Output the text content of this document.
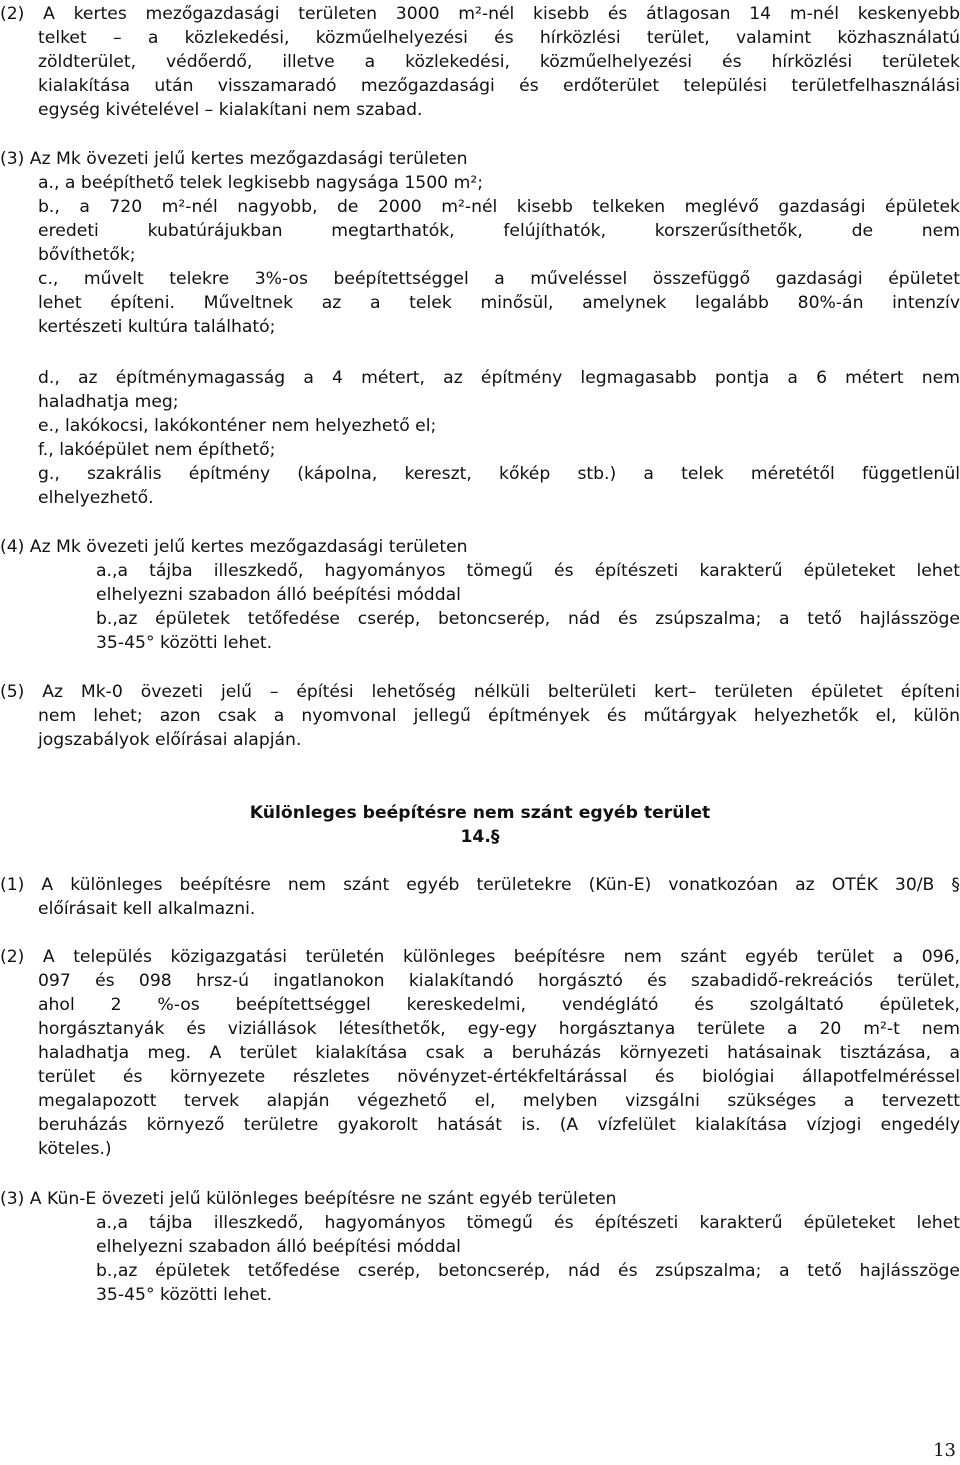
(2) A kertes mezőgazdasági területen 3000 m²-nél kisebb és átlagosan 14 m-nél keskenyebb
telket – a közlekedési, közműelhelyezési és hírközlési terület, valamint közhasználatú
zöldterület, védőerdő, illetve a közlekedési, közműelhelyezési és hírközlési területek
kialakítása után visszamaradó mezőgazdasági és erdőterület települési területfelhasználási
egység kivételével – kialakítani nem szabad.
(3) Az Mk övezeti jelű kertes mezőgazdasági területen
a., a beépíthető telek legkisebb nagysága 1500 m²;
b., a 720 m²-nél nagyobb, de 2000 m²-nél kisebb telkeken meglévő gazdasági épületek
eredeti kubatúrájukban megtarthatók, felújíthatók, korszerűsíthetők, de nem
bővíthetők;
c., művelt telekre 3%-os beépítettséggel a műveléssel összefüggő gazdasági épületet
lehet építeni. Műveltnek az a telek minősül, amelynek legalább 80%-án intenzív
kertészeti kultúra található;
d., az építménymagasság a 4 métert, az építmény legmagasabb pontja a 6 métert nem
haladhatja meg;
e., lakókocsi, lakókonténer nem helyezhető el;
f., lakóépület nem építhető;
g., szakrális építmény (kápolna, kereszt, kőkép stb.) a telek méretétől függetlenül
elhelyezhető.
(4) Az Mk övezeti jelű kertes mezőgazdasági területen
a.,a tájba illeszkedő, hagyományos tömegű és építészeti karakterű épületeket lehet
elhelyezni szabadon álló beépítési móddal
b.,az épületek tetőfedése cserép, betoncserép, nád és zsúpszalma; a tető hajlásszöge
35-45° közötti lehet.
(5) Az Mk-0 övezeti jelű – építési lehetőség nélküli belterületi kert– területen épületet építeni
nem lehet; azon csak a nyomvonal jellegű építmények és műtárgyak helyezhetők el, külön
jogszabályok előírásai alapján.
Különleges beépítésre nem szánt egyéb terület
14.§
(1) A különleges beépítésre nem szánt egyéb területekre (Kün-E) vonatkozóan az OTÉK 30/B §
előírásait kell alkalmazni.
(2) A település közigazgatási területén különleges beépítésre nem szánt egyéb terület a 096,
097 és 098 hrsz-ú ingatlanokon kialakítandó horgásztó és szabadidő-rekreációs terület,
ahol 2 %-os beépítettséggel kereskedelmi, vendéglátó és szolgáltató épületek,
horgásztanyák és viziállások létesíthetők, egy-egy horgásztanya területe a 20 m²-t nem
haladhatja meg. A terület kialakítása csak a beruházás környezeti hatásainak tisztázása, a
terület és környezete részletes növényzet-értékfeltárással és biológiai állapotfelméréssel
megalapozott tervek alapján végezhető el, melyben vizsgálni szükséges a tervezett
beruházás környező területre gyakorolt hatását is. (A vízfelület kialakítása vízjogi engedély
köteles.)
(3) A Kün-E övezeti jelű különleges beépítésre ne szánt egyéb területen
a.,a tájba illeszkedő, hagyományos tömegű és építészeti karakterű épületeket lehet
elhelyezni szabadon álló beépítési móddal
b.,az épületek tetőfedése cserép, betoncserép, nád és zsúpszalma; a tető hajlásszöge
35-45° közötti lehet.
13
